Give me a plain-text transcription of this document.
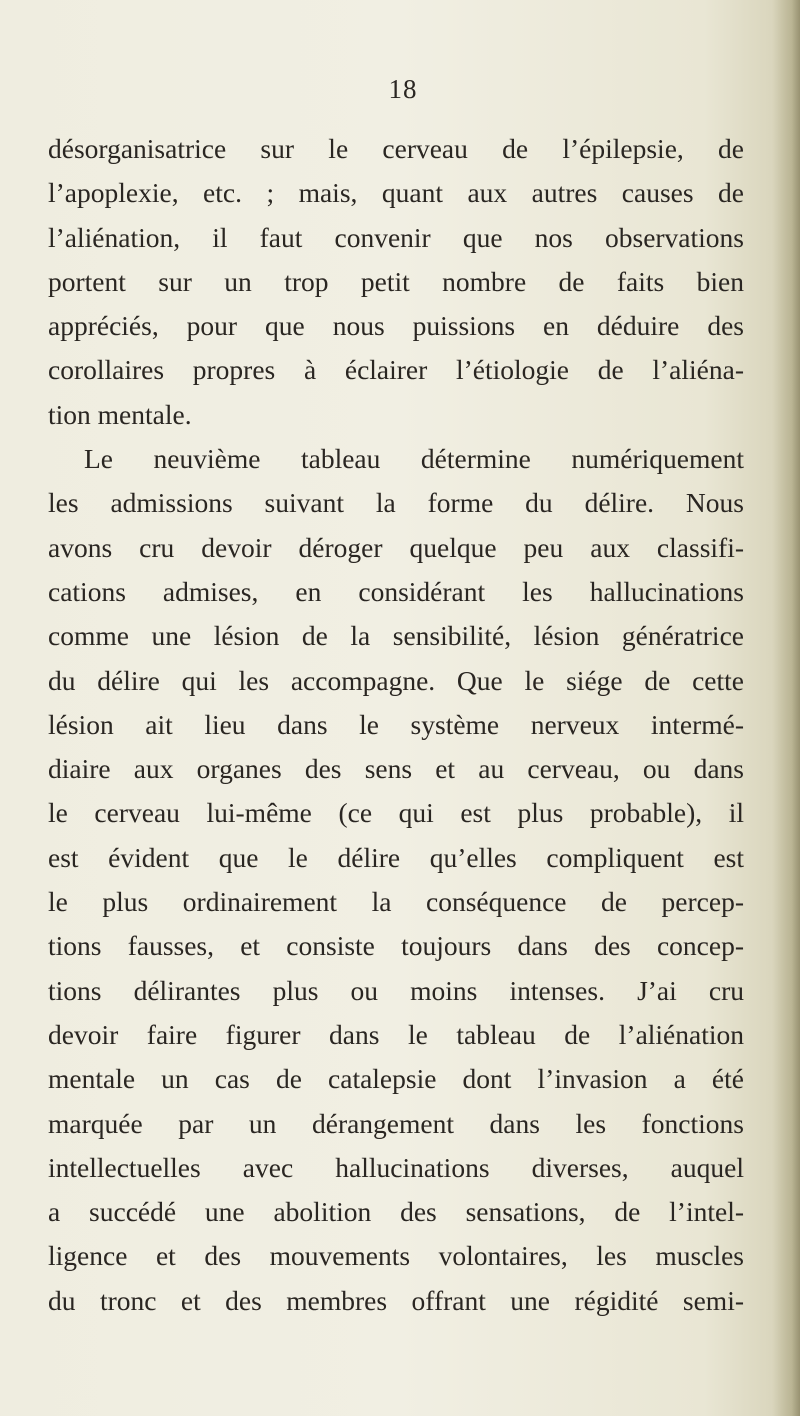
18
désorganisatrice sur le cerveau de l’épilepsie, de
l’apoplexie, etc. ; mais, quant aux autres causes de
l’aliénation, il faut convenir que nos observations
portent sur un trop petit nombre de faits bien
appréciés, pour que nous puissions en déduire des
corollaires propres à éclairer l’étiologie de l’aliéna-
tion mentale.
Le neuvième tableau détermine numériquement
les admissions suivant la forme du délire. Nous
avons cru devoir déroger quelque peu aux classifi-
cations admises, en considérant les hallucinations
comme une lésion de la sensibilité, lésion génératrice
du délire qui les accompagne. Que le siége de cette
lésion ait lieu dans le système nerveux intermé-
diaire aux organes des sens et au cerveau, ou dans
le cerveau lui-même (ce qui est plus probable), il
est évident que le délire qu’elles compliquent est
le plus ordinairement la conséquence de percep-
tions fausses, et consiste toujours dans des concep-
tions délirantes plus ou moins intenses. J’ai cru
devoir faire figurer dans le tableau de l’aliénation
mentale un cas de catalepsie dont l’invasion a été
marquée par un dérangement dans les fonctions
intellectuelles avec hallucinations diverses, auquel
a succédé une abolition des sensations, de l’intel-
ligence et des mouvements volontaires, les muscles
du tronc et des membres offrant une régidité semi-
